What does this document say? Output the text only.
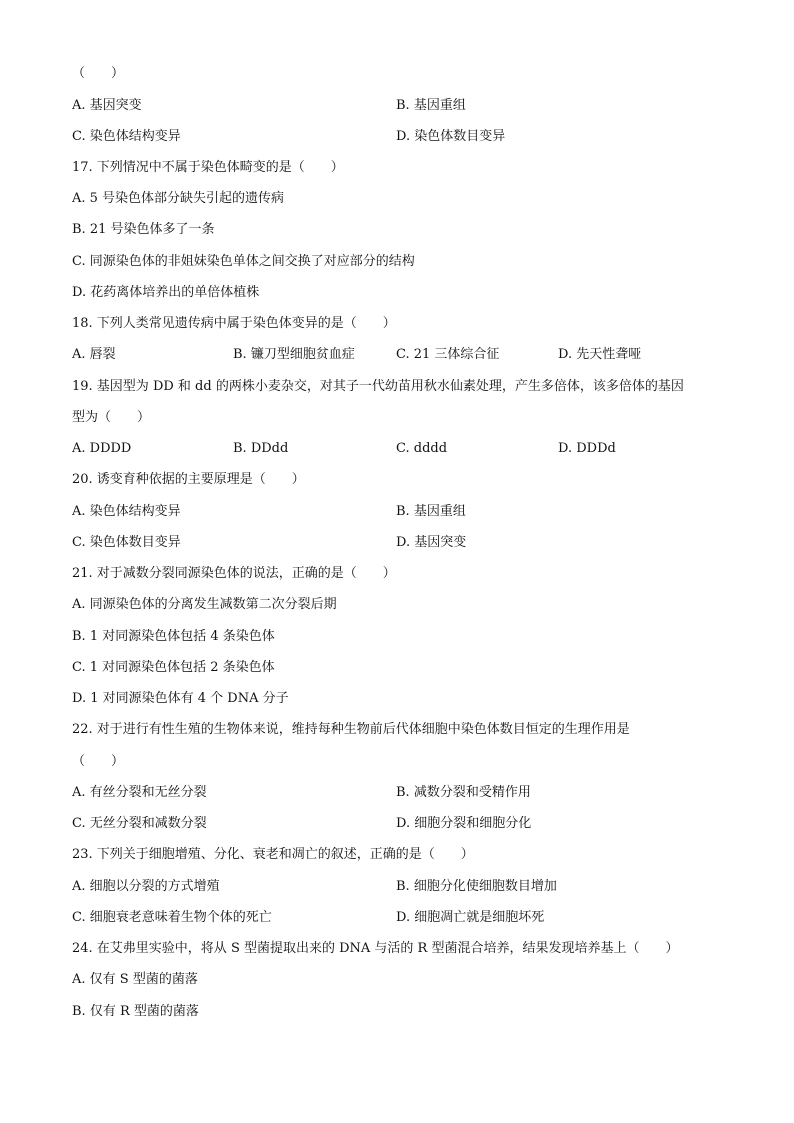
（　　）
A. 基因突变	B. 基因重组
C. 染色体结构变异	D. 染色体数目变异
17. 下列情况中不属于染色体畸变的是（　　）
A. 5 号染色体部分缺失引起的遗传病
B. 21 号染色体多了一条
C. 同源染色体的非姐妹染色单体之间交换了对应部分的结构
D. 花药离体培养出的单倍体植株
18. 下列人类常见遗传病中属于染色体变异的是（　　）
A. 唇裂	B. 镰刀型细胞贫血症	C. 21 三体综合征	D. 先天性聋哑
19. 基因型为 DD 和 dd 的两株小麦杂交，对其子一代幼苗用秋水仙素处理，产生多倍体，该多倍体的基因
型为（　　）
A. DDDD	B. DDdd	C. dddd	D. DDDd
20. 诱变育种依据的主要原理是（　　）
A. 染色体结构变异	B. 基因重组
C. 染色体数目变异	D. 基因突变
21. 对于减数分裂同源染色体的说法，正确的是（　　）
A. 同源染色体的分离发生减数第二次分裂后期
B. 1 对同源染色体包括 4 条染色体
C. 1 对同源染色体包括 2 条染色体
D. 1 对同源染色体有 4 个 DNA 分子
22. 对于进行有性生殖的生物体来说，维持每种生物前后代体细胞中染色体数目恒定的生理作用是
（　　）
A. 有丝分裂和无丝分裂	B. 减数分裂和受精作用
C. 无丝分裂和减数分裂	D. 细胞分裂和细胞分化
23. 下列关于细胞增殖、分化、衰老和凋亡的叙述，正确的是（　　）
A. 细胞以分裂的方式增殖	B. 细胞分化使细胞数目增加
C. 细胞衰老意味着生物个体的死亡	D. 细胞凋亡就是细胞坏死
24. 在艾弗里实验中，将从 S 型菌提取出来的 DNA 与活的 R 型菌混合培养，结果发现培养基上（　　）
A. 仅有 S 型菌的菌落
B. 仅有 R 型菌的菌落
